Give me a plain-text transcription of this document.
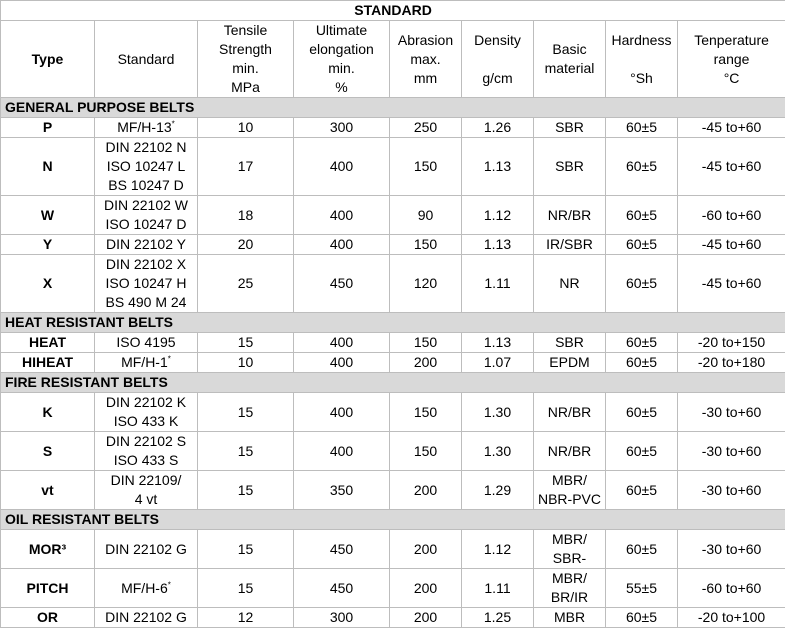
STANDARD								
Type	Standard	Tensile
Strength
min.
MPa	Ultimate
elongation
min.
%	Abrasion
max.
mm	Density
g/cm	Basic
material	Hardness
°Sh	Tenperature
range
°C

GENERAL PURPOSE BELTS								
P	MF/H-13*	10	300	250	1.26	SBR	60±5	-45 to+60
N	DIN 22102 N
ISO 10247 L
BS 10247 D	17	400	150	1.13	SBR	60±5	-45 to+60
W	DIN 22102 W
ISO 10247 D	18	400	90	1.12	NR/BR	60±5	-60 to+60
Y	DIN 22102 Y	20	400	150	1.13	IR/SBR	60±5	-45 to+60
X	DIN 22102 X
ISO 10247 H
BS 490 M 24	25	450	120	1.11	NR	60±5	-45 to+60
HEAT RESISTANT BELTS								
HEAT	ISO 4195	15	400	150	1.13	SBR	60±5	-20 to+150
HIHEAT	MF/H-1*	10	400	200	1.07	EPDM	60±5	-20 to+180
FIRE RESISTANT BELTS								
K	DIN 22102 K
ISO 433 K	15	400	150	1.30	NR/BR	60±5	-30 to+60
S	DIN 22102 S
ISO 433 S	15	400	150	1.30	NR/BR	60±5	-30 to+60
vt	DIN 22109/
4 vt	15	350	200	1.29	MBR/
NBR-PVC	60±5	-30 to+60
OIL RESISTANT BELTS								
MOR³	DIN 22102 G	15	450	200	1.12	MBR/
SBR-	60±5	-30 to+60
PITCH	MF/H-6*	15	450	200	1.11	MBR/
BR/IR	55±5	-60 to+60
OR	DIN 22102 G	12	300	200	1.25	MBR	60±5	-20 to+100
